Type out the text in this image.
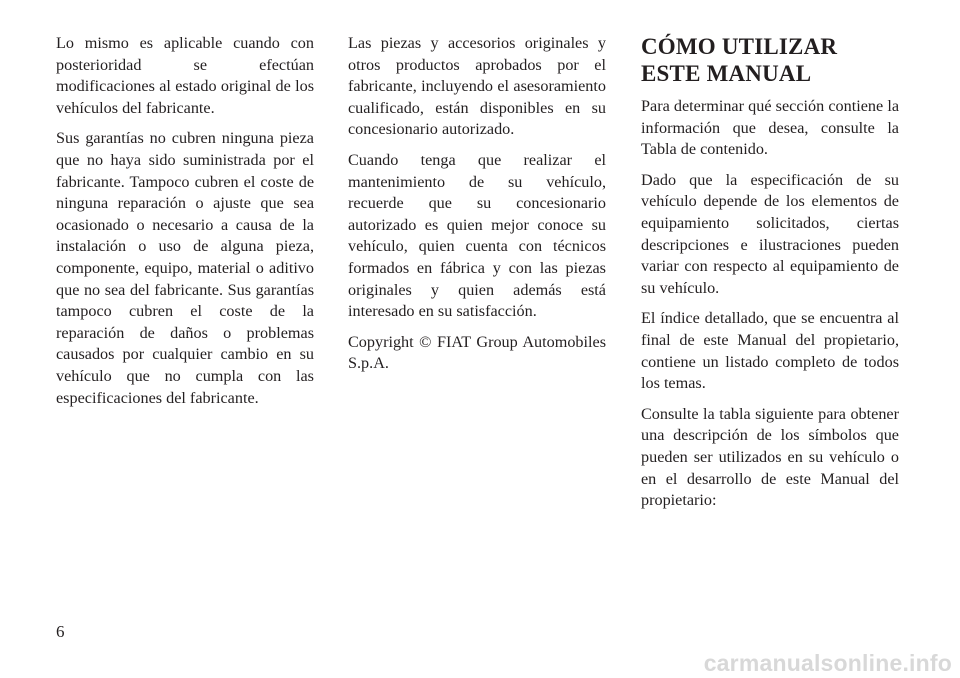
Lo mismo es aplicable cuando con posterioridad se efectúan modificaciones al estado original de los vehículos del fabricante.

Sus garantías no cubren ninguna pieza que no haya sido suministrada por el fabricante. Tampoco cubren el coste de ninguna reparación o ajuste que sea ocasionado o necesario a causa de la instalación o uso de alguna pieza, componente, equipo, material o aditivo que no sea del fabricante. Sus garantías tampoco cubren el coste de la reparación de daños o problemas causados por cualquier cambio en su vehículo que no cumpla con las especificaciones del fabricante.

Las piezas y accesorios originales y otros productos aprobados por el fabricante, incluyendo el asesoramiento cualificado, están disponibles en su concesionario autorizado.

Cuando tenga que realizar el mantenimiento de su vehículo, recuerde que su concesionario autorizado es quien mejor conoce su vehículo, quien cuenta con técnicos formados en fábrica y con las piezas originales y quien además está interesado en su satisfacción.

Copyright © FIAT Group Automobiles S.p.A.

CÓMO UTILIZAR ESTE MANUAL

Para determinar qué sección contiene la información que desea, consulte la Tabla de contenido.

Dado que la especificación de su vehículo depende de los elementos de equipamiento solicitados, ciertas descripciones e ilustraciones pueden variar con respecto al equipamiento de su vehículo.

El índice detallado, que se encuentra al final de este Manual del propietario, contiene un listado completo de todos los temas.

Consulte la tabla siguiente para obtener una descripción de los símbolos que pueden ser utilizados en su vehículo o en el desarrollo de este Manual del propietario:

6
carmanualsonline.info
